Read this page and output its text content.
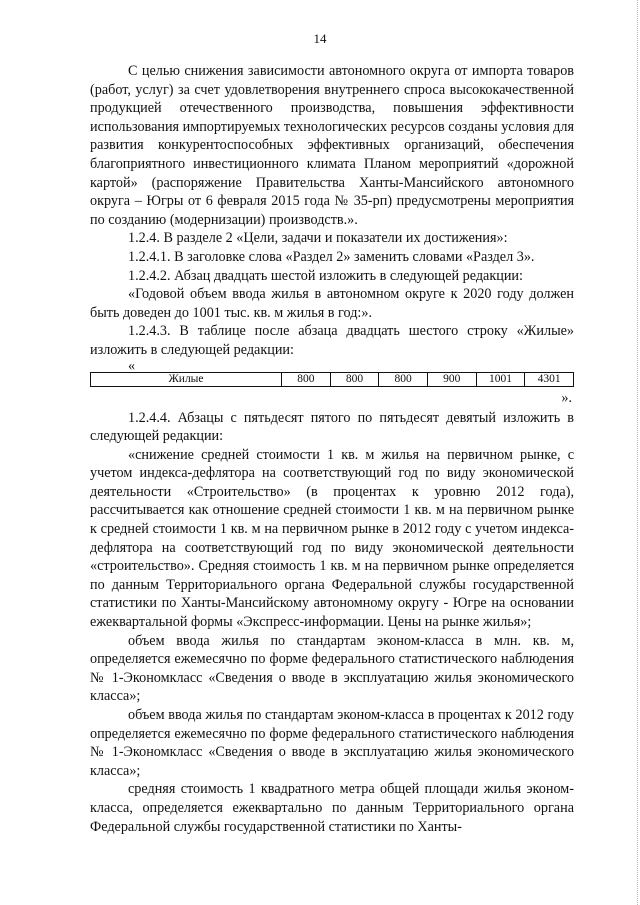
14

С целью снижения зависимости автономного округа от импорта товаров (работ, услуг) за счет удовлетворения внутреннего спроса высококачественной продукцией отечественного производства, повышения эффективности использования импортируемых технологических ресурсов созданы условия для развития конкурентоспособных эффективных организаций, обеспечения благоприятного инвестиционного климата Планом мероприятий «дорожной картой» (распоряжение Правительства Ханты-Мансийского автономного округа – Югры от 6 февраля 2015 года № 35-рп) предусмотрены мероприятия по созданию (модернизации) производств.».

1.2.4. В разделе 2 «Цели, задачи и показатели их достижения»:

1.2.4.1. В заголовке слова «Раздел 2» заменить словами «Раздел 3».

1.2.4.2. Абзац двадцать шестой изложить в следующей редакции:

«Годовой объем ввода жилья в автономном округе к 2020 году должен быть доведен до 1001 тыс. кв. м жилья в год:».

1.2.4.3. В таблице после абзаца двадцать шестого строку «Жилые» изложить в следующей редакции:

«

Жилые	800	800	800	900	1001	4301

».

1.2.4.4. Абзацы с пятьдесят пятого по пятьдесят девятый изложить в следующей редакции:

«снижение средней стоимости 1 кв. м жилья на первичном рынке, с учетом индекса-дефлятора на соответствующий год по виду экономической деятельности «Строительство» (в процентах к уровню 2012 года), рассчитывается как отношение средней стоимости 1 кв. м на первичном рынке к средней стоимости 1 кв. м на первичном рынке в 2012 году с учетом индекса-дефлятора на соответствующий год по виду экономической деятельности «строительство». Средняя стоимость 1 кв. м на первичном рынке определяется по данным Территориального органа Федеральной службы государственной статистики по Ханты-Мансийскому автономному округу - Югре на основании ежеквартальной формы «Экспресс-информации. Цены на рынке жилья»;

объем ввода жилья по стандартам эконом-класса в млн. кв. м, определяется ежемесячно по форме федерального статистического наблюдения № 1-Экономкласс «Сведения о вводе в эксплуатацию жилья экономического класса»;

объем ввода жилья по стандартам эконом-класса в процентах к 2012 году определяется ежемесячно по форме федерального статистического наблюдения № 1-Экономкласс «Сведения о вводе в эксплуатацию жилья экономического класса»;

средняя стоимость 1 квадратного метра общей площади жилья эконом-класса, определяется ежеквартально по данным Территориального органа Федеральной службы государственной статистики по Ханты-
